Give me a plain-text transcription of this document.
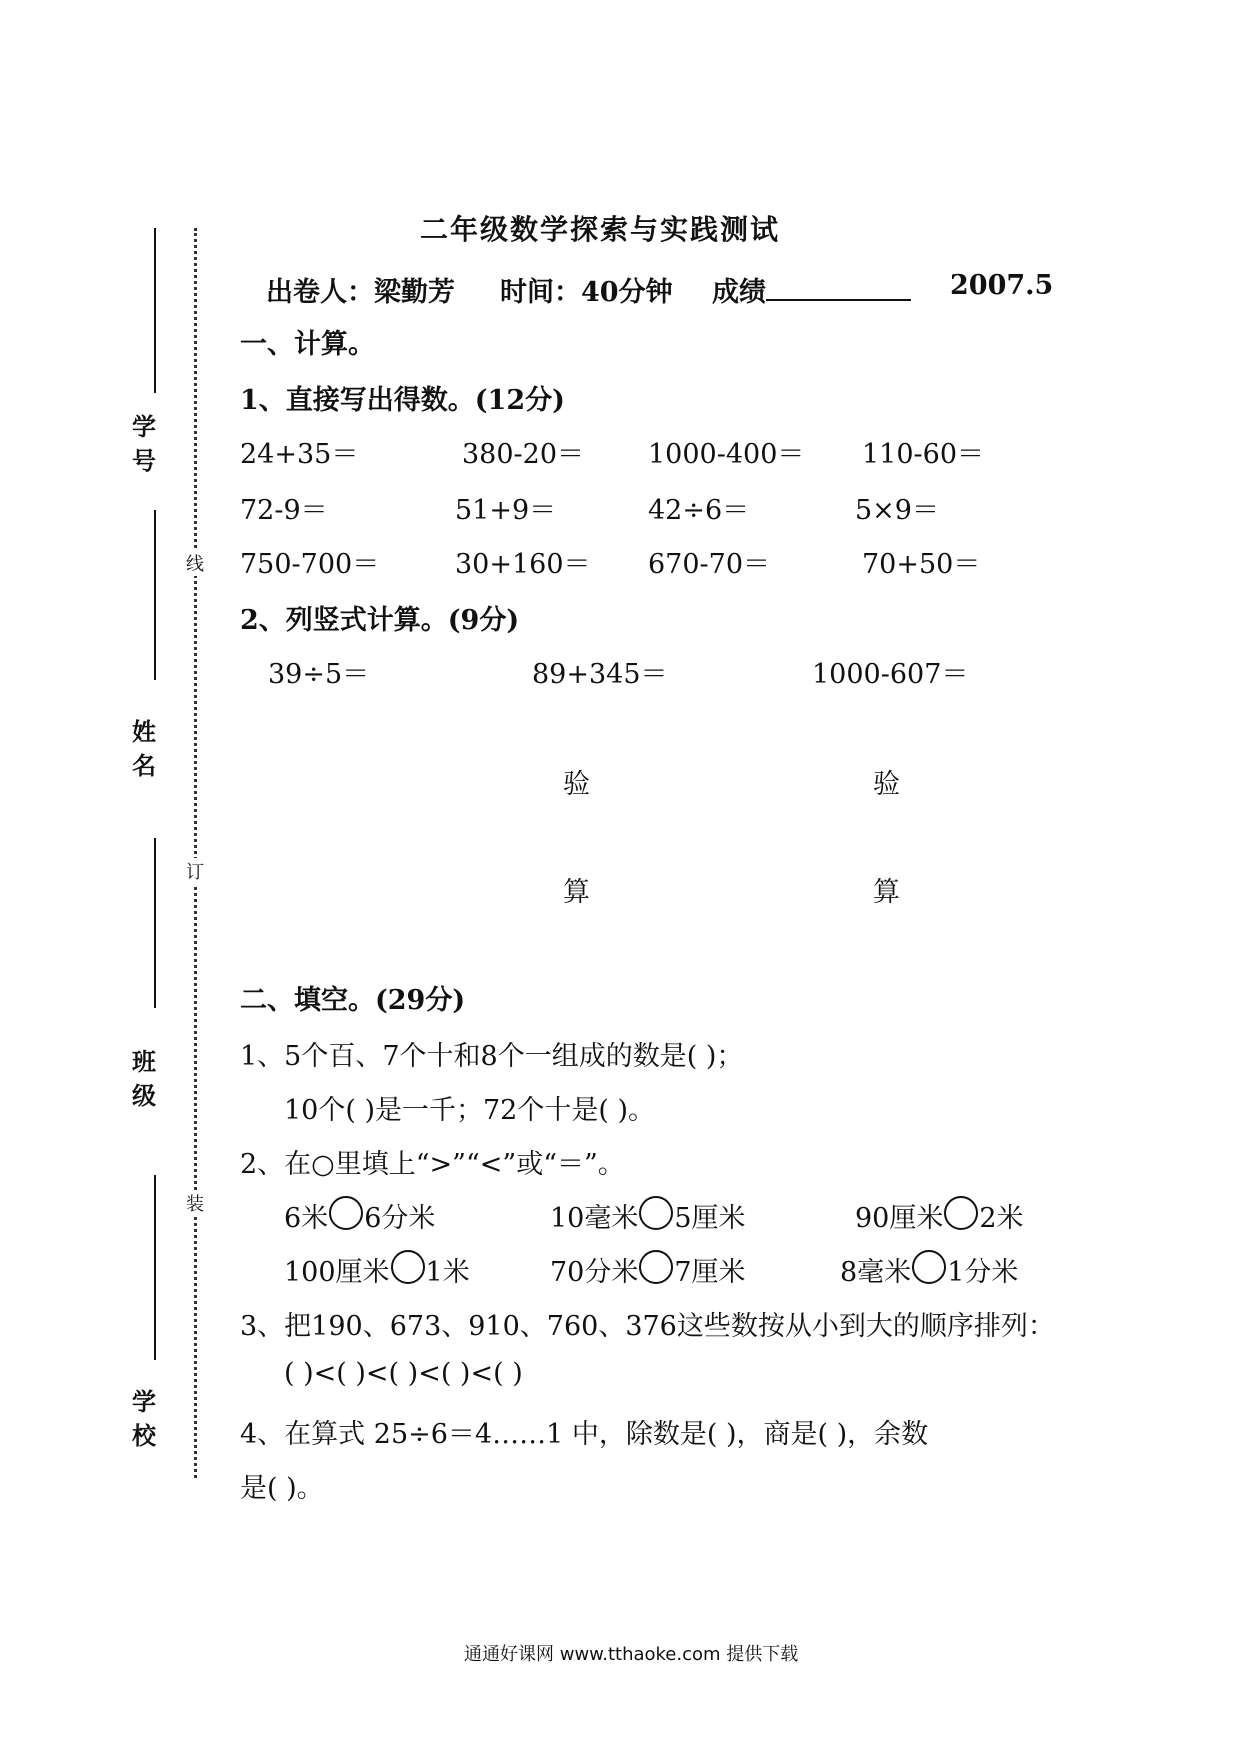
学号
姓名
班级
学校
线
订
装
二年级数学探索与实践测试
出卷人：梁勤芳 时间：40分钟 成绩	2007.5
一、计算。
1、直接写出得数。(12分)
24+35＝	380-20＝ 1000-400＝ 110-60＝
72-9＝	51+9＝	42÷6＝	5×9＝
750-700＝	30+160＝ 670-70＝	70+50＝
2、列竖式计算。(9分)
39÷5＝	89+345＝	1000-607＝
验	验
算	算
二、填空。(29分)
1、5个百、7个十和8个一组成的数是( )；
10个( )是一千；72个十是( )。
2、在○里填上“>”“<”或“＝”。
6米 6分米	10毫米 5厘米	90厘米 2米
100厘米 1米	70分米 7厘米	8毫米 1分米
3、把190、673、910、760、376这些数按从小到大的顺序排列：
( )<( )<( )<( )<( )
4、在算式 25÷6＝4……1 中，除数是( )，商是( )，余数
是( )。
通通好课网 www.tthaoke.com 提供下载
